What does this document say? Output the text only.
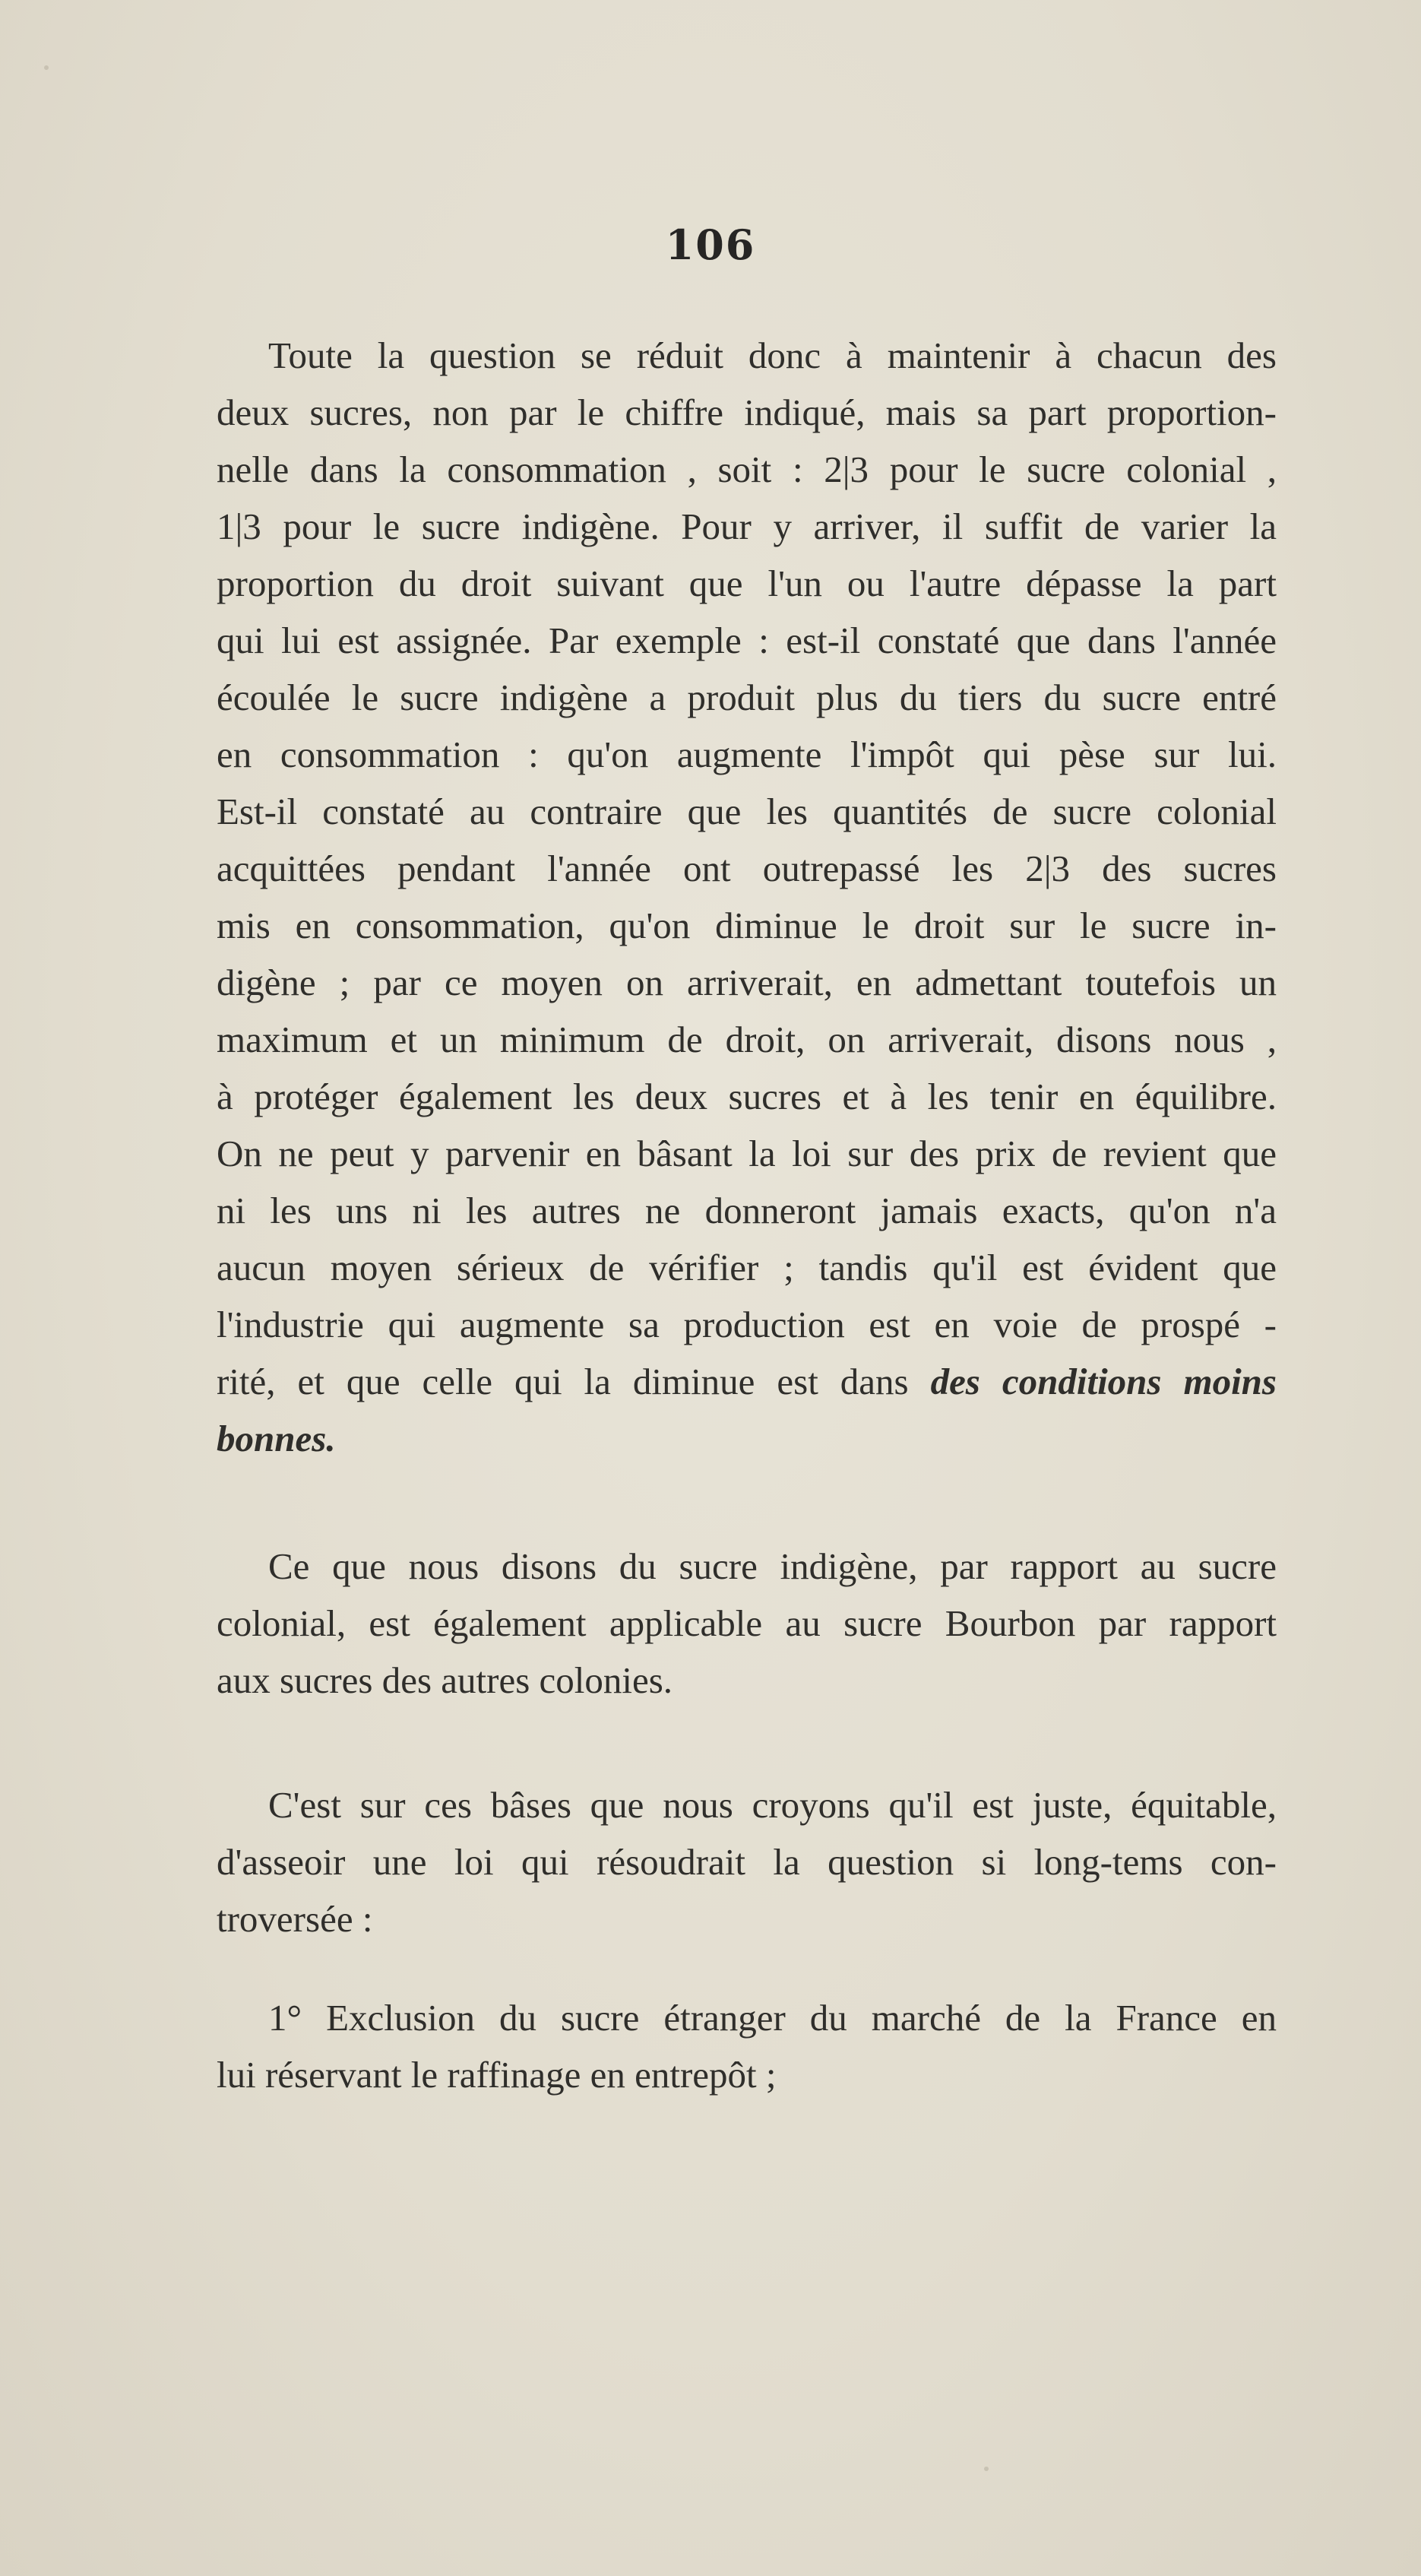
106
Toute la question se réduit donc à maintenir à chacun des
deux sucres, non par le chiffre indiqué, mais sa part proportion-
nelle dans la consommation , soit : 2|3 pour le sucre colonial ,
1|3 pour le sucre indigène. Pour y arriver, il suffit de varier la
proportion du droit suivant que l'un ou l'autre dépasse la part
qui lui est assignée. Par exemple : est-il constaté que dans l'année
écoulée le sucre indigène a produit plus du tiers du sucre entré
en consommation : qu'on augmente l'impôt qui pèse sur lui.
Est-il constaté au contraire que les quantités de sucre colonial
acquittées pendant l'année ont outrepassé les 2|3 des sucres
mis en consommation, qu'on diminue le droit sur le sucre in-
digène ; par ce moyen on arriverait, en admettant toutefois un
maximum et un minimum de droit, on arriverait, disons nous ,
à protéger également les deux sucres et à les tenir en équilibre.
On ne peut y parvenir en bâsant la loi sur des prix de revient que
ni les uns ni les autres ne donneront jamais exacts, qu'on n'a
aucun moyen sérieux de vérifier ; tandis qu'il est évident que
l'industrie qui augmente sa production est en voie de prospé -
rité, et que celle qui la diminue est dans des conditions moins
bonnes.
Ce que nous disons du sucre indigène, par rapport au sucre
colonial, est également applicable au sucre Bourbon par rapport
aux sucres des autres colonies.
C'est sur ces bâses que nous croyons qu'il est juste, équitable,
d'asseoir une loi qui résoudrait la question si long-tems con-
troversée :
1° Exclusion du sucre étranger du marché de la France en
lui réservant le raffinage en entrepôt ;
